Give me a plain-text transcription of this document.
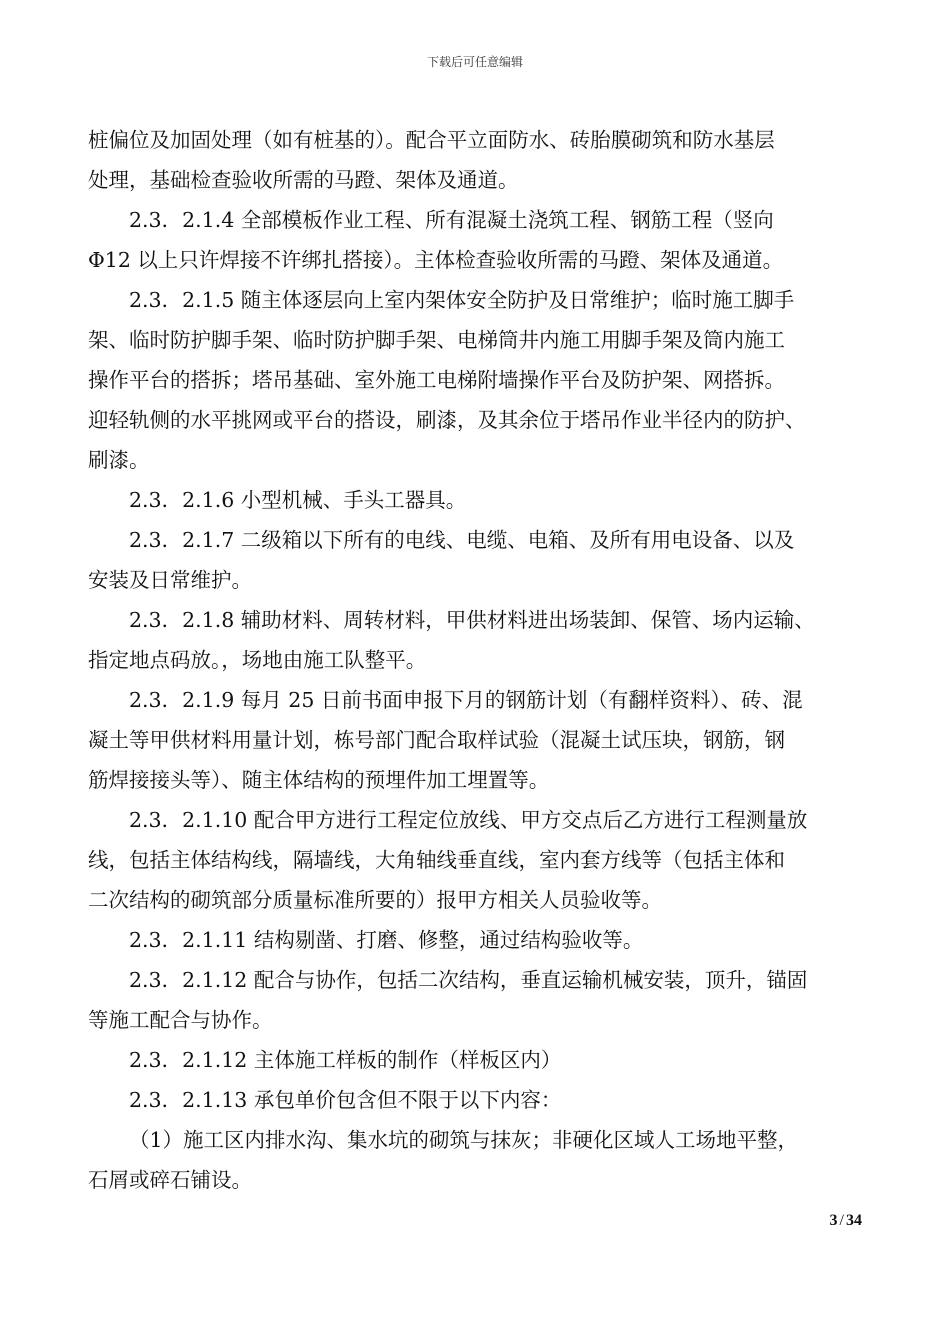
下载后可任意编辑
桩偏位及加固处理（如有桩基的）。配合平立面防水、砖胎膜砌筑和防水基层
处理，基础检查验收所需的马蹬、架体及通道。
2.3．2.1.4 全部模板作业工程、所有混凝土浇筑工程、钢筋工程（竖向
Φ12 以上只许焊接不许绑扎搭接）。主体检查验收所需的马蹬、架体及通道。
2.3．2.1.5 随主体逐层向上室内架体安全防护及日常维护；临时施工脚手
架、临时防护脚手架、临时防护脚手架、电梯筒井内施工用脚手架及筒内施工
操作平台的搭拆；塔吊基础、室外施工电梯附墙操作平台及防护架、网搭拆。
迎轻轨侧的水平挑网或平台的搭设，刷漆，及其余位于塔吊作业半径内的防护、
刷漆。
2.3．2.1.6 小型机械、手头工器具。
2.3．2.1.7 二级箱以下所有的电线、电缆、电箱、及所有用电设备、以及
安装及日常维护。
2.3．2.1.8 辅助材料、周转材料，甲供材料进出场装卸、保管、场内运输、
指定地点码放。，场地由施工队整平。
2.3．2.1.9 每月 25 日前书面申报下月的钢筋计划（有翻样资料）、砖、混
凝土等甲供材料用量计划，栋号部门配合取样试验（混凝土试压块，钢筋，钢
筋焊接接头等）、随主体结构的预埋件加工埋置等。
2.3．2.1.10 配合甲方进行工程定位放线、甲方交点后乙方进行工程测量放
线，包括主体结构线，隔墙线，大角轴线垂直线，室内套方线等（包括主体和
二次结构的砌筑部分质量标准所要的）报甲方相关人员验收等。
2.3．2.1.11 结构剔凿、打磨、修整，通过结构验收等。
2.3．2.1.12 配合与协作，包括二次结构，垂直运输机械安装，顶升，锚固
等施工配合与协作。
2.3．2.1.12 主体施工样板的制作（样板区内）
2.3．2.1.13 承包单价包含但不限于以下内容：
（1）施工区内排水沟、集水坑的砌筑与抹灰；非硬化区域人工场地平整，
石屑或碎石铺设。
3 / 34
